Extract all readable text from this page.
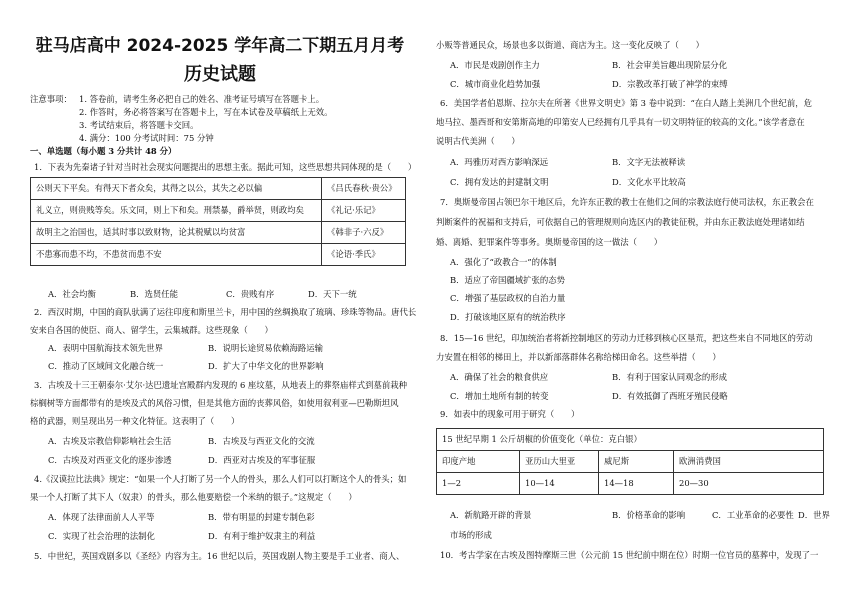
驻马店高中 2024-2025 学年高二下期五月月考
历史试题
注意事项： 1. 答卷前，请考生务必把自己的姓名、准考证号填写在答题卡上。
2. 作答时，务必将答案写在答题卡上，写在本试卷及草稿纸上无效。
3. 考试结束后，将答题卡交回。
4. 满分：100 分考试时间：75 分钟
一、单选题（每小题 3 分共计 48 分）
1．下表为先秦诸子针对当时社会现实问题提出的思想主张。据此可知，这些思想共同体现的是（　　）
公则天下平矣。有得天下者众矣，其得之以公，其失之必以偏	《吕氏春秋·贵公》
礼义立，则贵贱等矣。乐文同，则上下和矣。刑禁暴，爵举贤，则政均矣	《礼记·乐记》
故明主之治国也，适其时事以致财物，论其税赋以均贫富	《韩非子·六反》
不患寡而患不均，不患贫而患不安	《论语·季氏》
A．社会均衡	B．选贤任能	C．贵贱有序	D．天下一统
2．西汉时期，中国的商队驮满了运往印度和斯里兰卡，用中国的丝绸换取了琉璃、珍珠等物品。唐代长
安来自各国的使臣、商人、留学生，云集城群。这些现象（　　）
A．表明中国航海技术领先世界	B．说明长途贸易依赖海路运输
C．推动了区域间文化融合统一	D．扩大了中华文化的世界影响
3．古埃及十三王朝泰尔·艾尔·达巴遗址宫殿群内发现的 6 座坟墓，从地表上的葬祭庙样式到墓前栽种
棕榈树等方面都带有的是埃及式的风俗习惯，但是其他方面的丧葬风俗，如使用叙利亚—巴勒斯坦风
格的武器，则呈现出另一种文化特征。这表明了（　　）
A．古埃及宗教信仰影响社会生活	B．古埃及与西亚文化的交流
C．古埃及对西亚文化的逐步渗透	D．西亚对古埃及的军事征服
4.《汉谟拉比法典》规定：“如果一个人打断了另一个人的骨头，那么人们可以打断这个人的骨头；如
果一个人打断了其下人（奴隶）的骨头，那么他要赔偿一个米纳的银子。”这规定（　　）
A．体现了法律面前人人平等	B．带有明显的封建专制色彩
C．实现了社会治理的法制化	D．有利于维护奴隶主的利益
5．中世纪，英国戏剧多以《圣经》内容为主。16 世纪以后，英国戏剧人物主要是手工业者、商人、
小贩等普通民众，场景也多以街道、商店为主。这一变化反映了（　　）
A．市民是戏剧创作主力	B．社会审美旨趣出现阶层分化
C．城市商业化趋势加强	D．宗教改革打破了神学的束缚
6．美国学者伯恩斯、拉尔夫在所著《世界文明史》第 3 卷中说到：“在白人踏上美洲几个世纪前，危
地马拉、墨西哥和安第斯高地的印第安人已经拥有几乎具有一切文明特征的较高的文化。”该学者意在
说明古代美洲（　　）
A．玛雅历对西方影响深远	B．文字无法被释读
C．拥有发达的封建制文明	D．文化水平比较高
7．奥斯曼帝国占领巴尔干地区后，允许东正教的教士在他们之间的宗教法庭行使司法权，东正教会在
判断案件的祝福和支持后，可依据自己的管理规则向选区内的教徒征税，并由东正教法庭处理诸如结
婚、离婚、犯罪案件等事务。奥斯曼帝国的这一做法（　　）
A．强化了“政教合一”的体制
B．适应了帝国疆域扩张的态势
C．增强了基层政权的自治力量
D．打破该地区原有的统治秩序
8．15—16 世纪，印加统治者将新控制地区的劳动力迁移到核心区垦荒，把这些来自不同地区的劳动
力安置在相邻的梯田上，并以新部落群体名称给梯田命名。这些举措（　　）
A．确保了社会的粮食供应	B．有利于国家认同观念的形成
C．增加土地所有制的转变	D．有效抵御了西班牙殖民侵略
9．如表中的现象可用于研究（　　）
15 世纪早期 1 公斤胡椒的价值变化（单位：克白银）			
印度产地	亚历山大里亚	威尼斯	欧洲消费国
1—2	10—14	14—18	20—30
A．新航路开辟的背景	B．价格革命的影响	C．工业革命的必要性 D．世界
市场的形成
10．考古学家在古埃及图特摩斯三世（公元前 15 世纪前中期在位）时期一位官员的墓葬中，发现了一
